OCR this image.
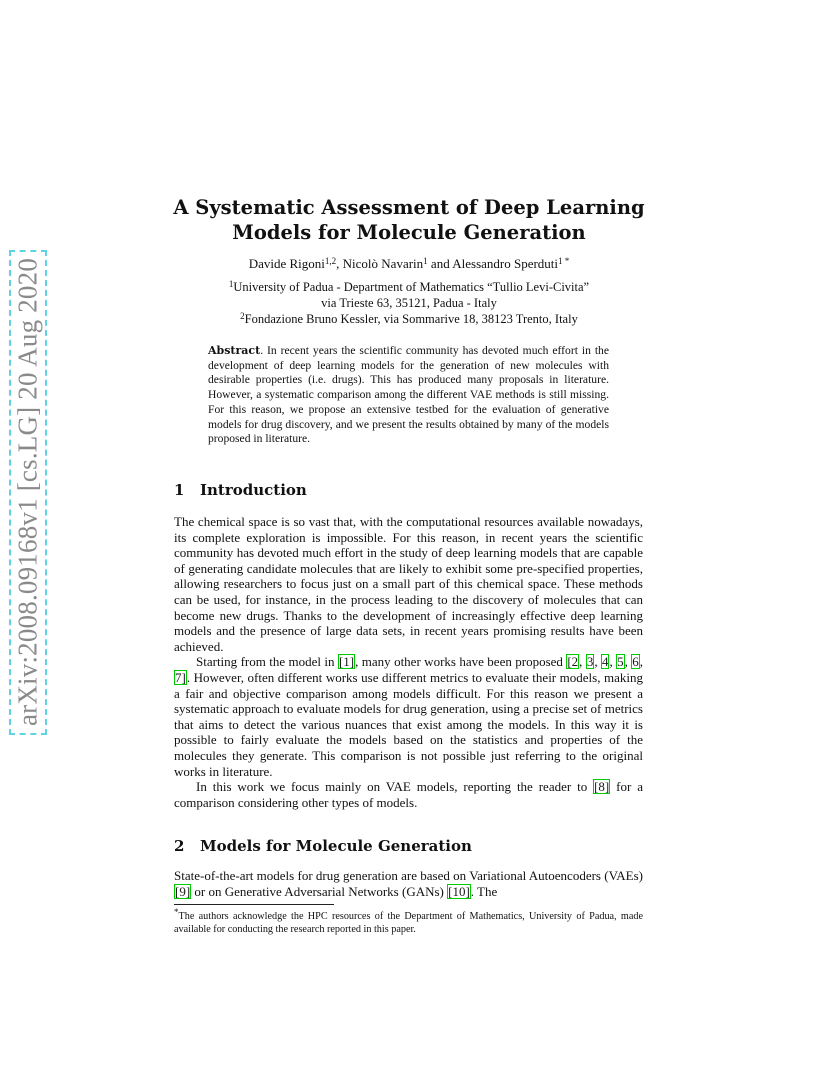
arXiv:2008.09168v1 [cs.LG] 20 Aug 2020
A Systematic Assessment of Deep Learning
Models for Molecule Generation
Davide Rigoni$^{1,2}$, Nicolò Navarin$^1$ and Alessandro Sperduti$^1$ *
$^1$University of Padua - Department of Mathematics “Tullio Levi-Civita”
via Trieste 63, 35121, Padua - Italy
$^2$Fondazione Bruno Kessler, via Sommarive 18, 38123 Trento, Italy
Abstract. In recent years the scientific community has devoted much effort in the development of deep learning models for the generation of new molecules with desirable properties (i.e. drugs). This has produced many proposals in literature. However, a systematic comparison among the different VAE methods is still missing. For this reason, we propose an extensive testbed for the evaluation of generative models for drug discovery, and we present the results obtained by many of the models proposed in literature.
1 Introduction

The chemical space is so vast that, with the computational resources available nowadays, its complete exploration is impossible. For this reason, in recent years the scientific community has devoted much effort in the study of deep learning models that are capable of generating candidate molecules that are likely to exhibit some pre-specified properties, allowing researchers to focus just on a small part of this chemical space. These methods can be used, for instance, in the process leading to the discovery of molecules that can become new drugs. Thanks to the development of increasingly effective deep learning models and the presence of large data sets, in recent years promising results have been achieved.

Starting from the model in [1], many other works have been proposed [2, 3, 4, 5, 6, 7]. However, often different works use different metrics to evaluate their models, making a fair and objective comparison among models difficult. For this reason we present a systematic approach to evaluate models for drug generation, using a precise set of metrics that aims to detect the various nuances that exist among the models. In this way it is possible to fairly evaluate the models based on the statistics and properties of the molecules they generate. This comparison is not possible just referring to the original works in literature.

In this work we focus mainly on VAE models, reporting the reader to [8] for a comparison considering other types of models.

2 Models for Molecule Generation

State-of-the-art models for drug generation are based on Variational Autoencoders (VAEs) [9] or on Generative Adversarial Networks (GANs) [10]. The

*The authors acknowledge the HPC resources of the Department of Mathematics, University of Padua, made available for conducting the research reported in this paper.
